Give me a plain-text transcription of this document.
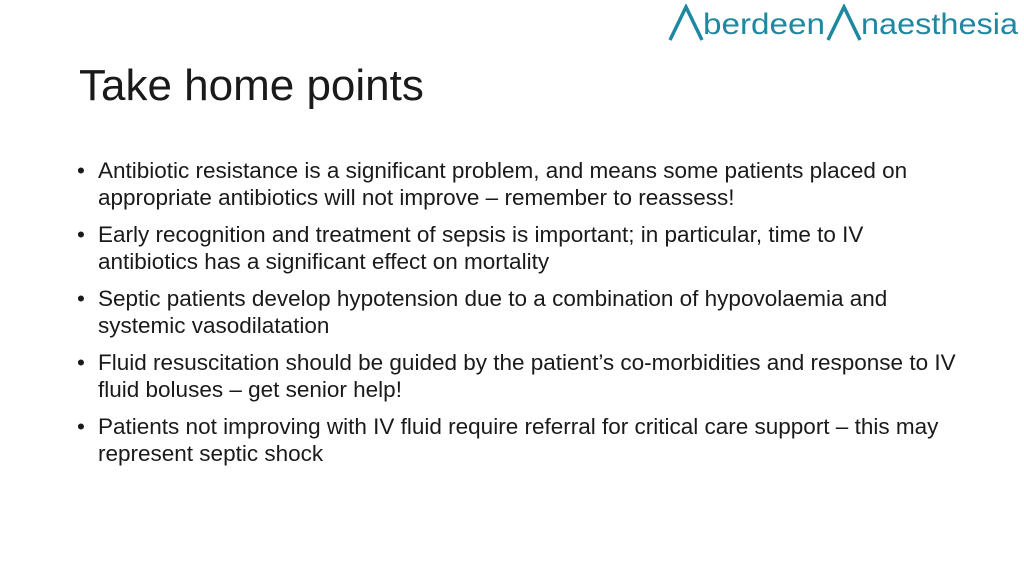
berdeen naesthesia
Take home points
• Antibiotic resistance is a significant problem, and means some patients placed on appropriate antibiotics will not improve – remember to reassess!
• Early recognition and treatment of sepsis is important; in particular, time to IV antibiotics has a significant effect on mortality
• Septic patients develop hypotension due to a combination of hypovolaemia and systemic vasodilatation
• Fluid resuscitation should be guided by the patient’s co-morbidities and response to IV fluid boluses – get senior help!
• Patients not improving with IV fluid require referral for critical care support – this may represent septic shock
